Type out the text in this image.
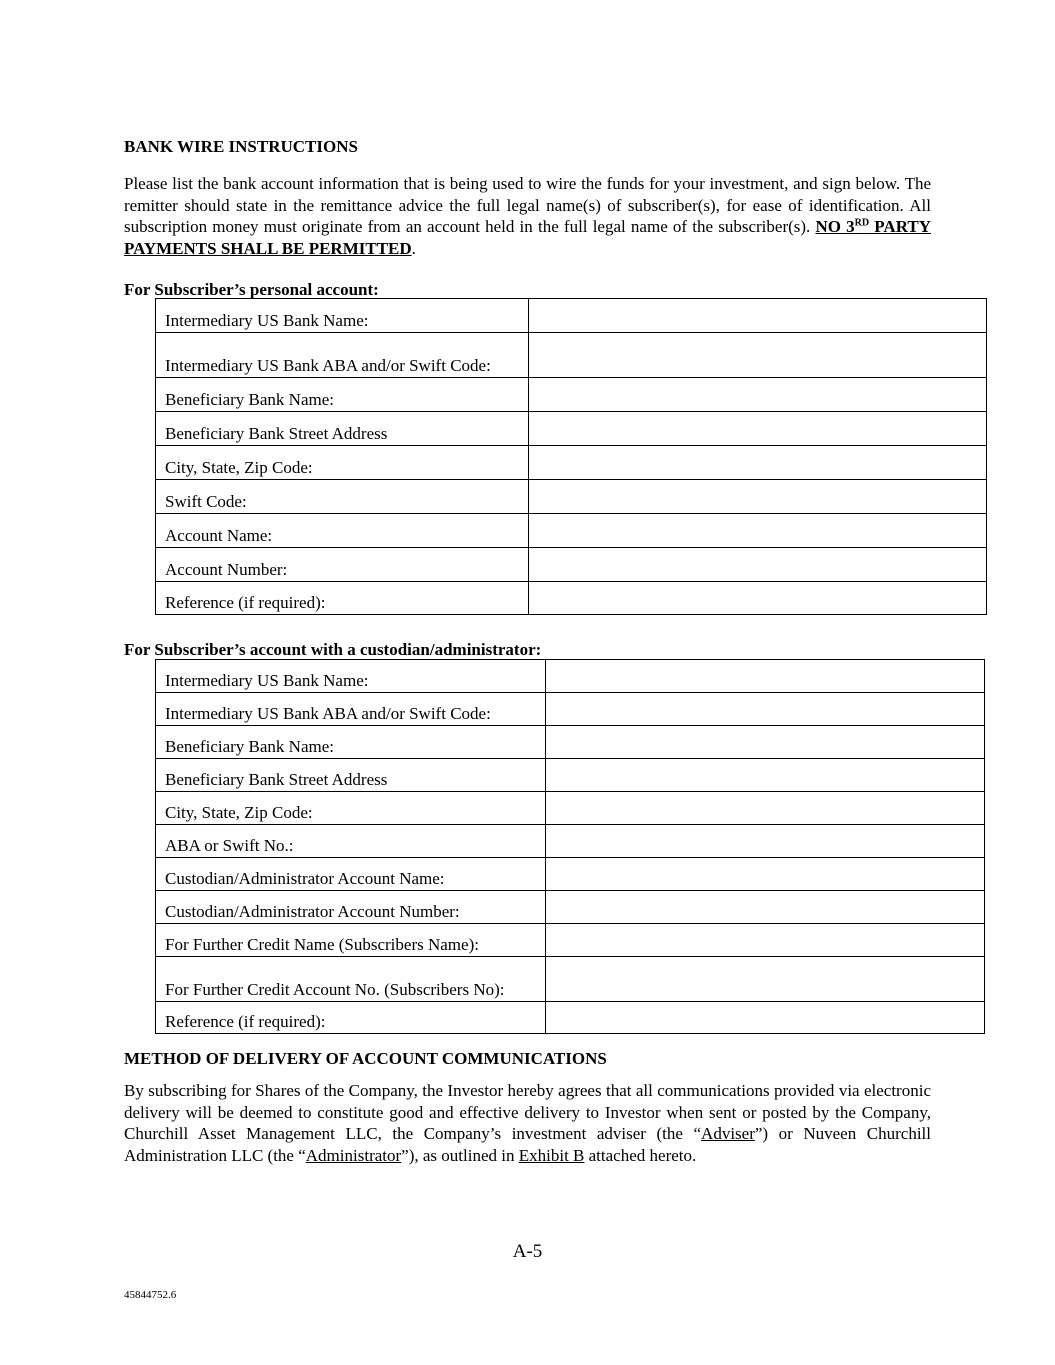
BANK WIRE INSTRUCTIONS

Please list the bank account information that is being used to wire the funds for your investment, and sign below. The remitter should state in the remittance advice the full legal name(s) of subscriber(s), for ease of identification. All subscription money must originate from an account held in the full legal name of the subscriber(s). NO 3RD PARTY PAYMENTS SHALL BE PERMITTED.

For Subscriber’s personal account:
Intermediary US Bank Name:	
Intermediary US Bank ABA and/or Swift Code:	
Beneficiary Bank Name:	
Beneficiary Bank Street Address	
City, State, Zip Code:	
Swift Code:	
Account Name:	
Account Number:	
Reference (if required):	
For Subscriber’s account with a custodian/administrator:
Intermediary US Bank Name:	
Intermediary US Bank ABA and/or Swift Code:	
Beneficiary Bank Name:	
Beneficiary Bank Street Address	
City, State, Zip Code:	
ABA or Swift No.:	
Custodian/Administrator Account Name:	
Custodian/Administrator Account Number:	
For Further Credit Name (Subscribers Name):	
For Further Credit Account No. (Subscribers No):	
Reference (if required):	
METHOD OF DELIVERY OF ACCOUNT COMMUNICATIONS

By subscribing for Shares of the Company, the Investor hereby agrees that all communications provided via electronic delivery will be deemed to constitute good and effective delivery to Investor when sent or posted by the Company, Churchill Asset Management LLC, the Company’s investment adviser (the “Adviser”) or Nuveen Churchill Administration LLC (the “Administrator”), as outlined in Exhibit B attached hereto.

A-5
45844752.6
